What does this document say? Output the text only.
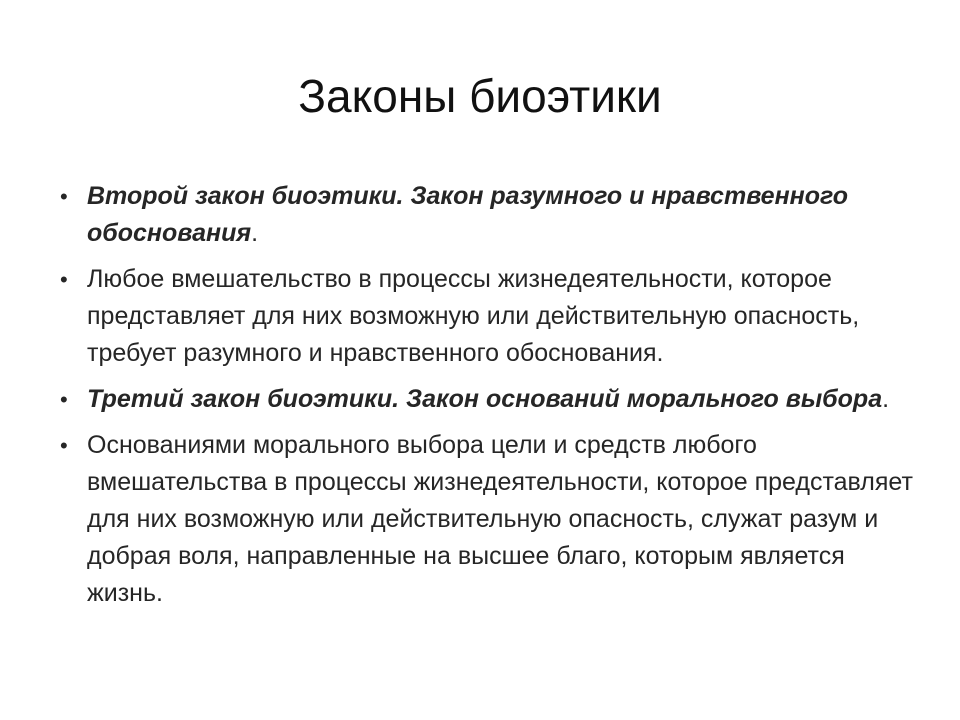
Законы биоэтики
• Второй закон биоэтики. Закон разумного и нравственного обоснования.
• Любое вмешательство в процессы жизнедеятельности, которое представляет для них возможную или действительную опасность, требует разумного и нравственного обоснования.
• Третий закон биоэтики. Закон оснований морального выбора.
• Основаниями морального выбора цели и средств любого вмешательства в процессы жизнедеятельности, которое представляет для них возможную или действительную опасность, служат разум и добрая воля, направленные на высшее благо, которым является жизнь.
